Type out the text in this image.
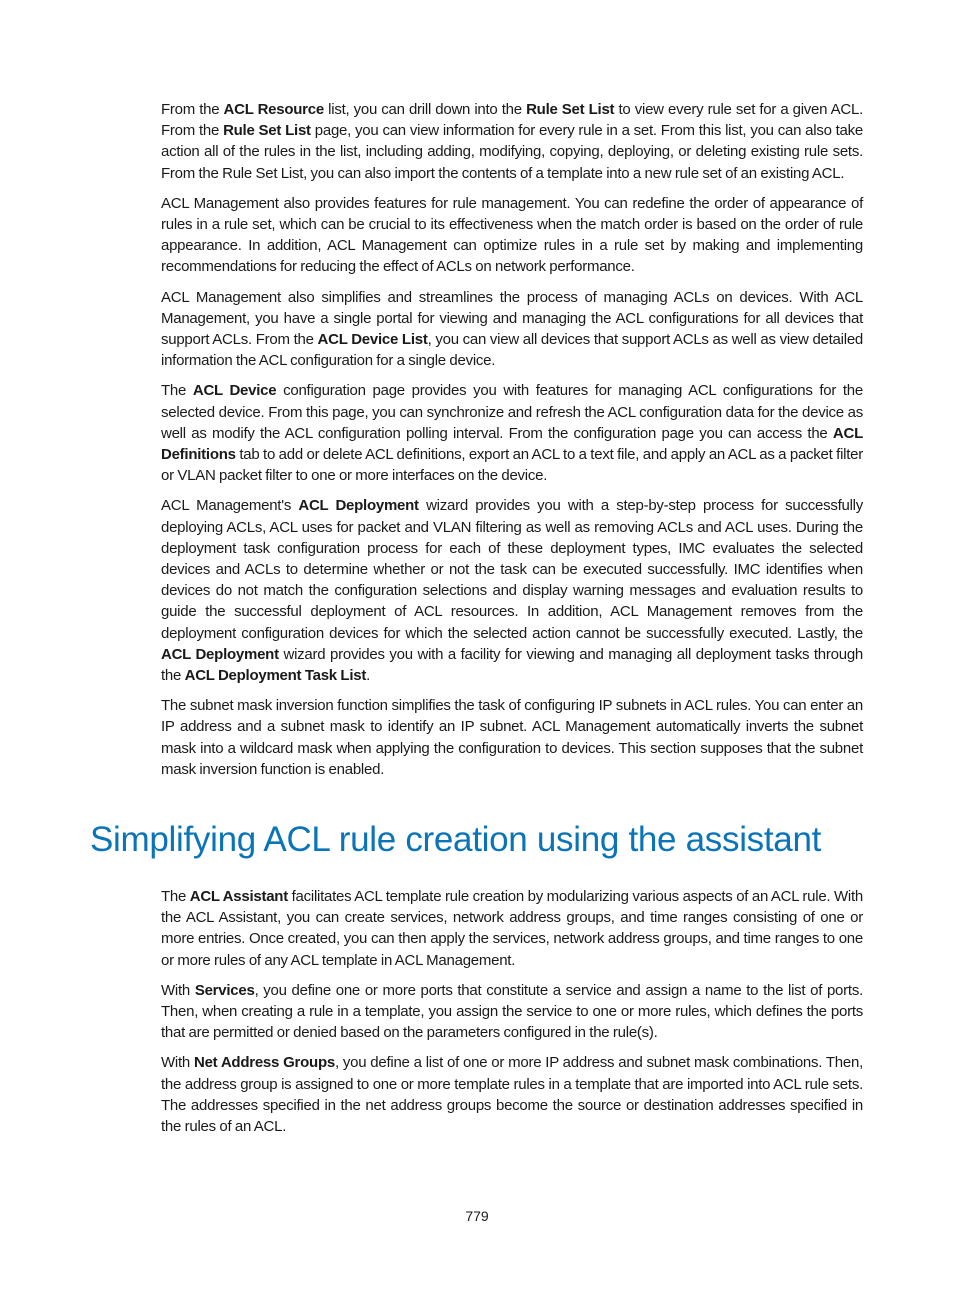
From the ACL Resource list, you can drill down into the Rule Set List to view every rule set for a given ACL. From the Rule Set List page, you can view information for every rule in a set. From this list, you can also take action all of the rules in the list, including adding, modifying, copying, deploying, or deleting existing rule sets. From the Rule Set List, you can also import the contents of a template into a new rule set of an existing ACL.

ACL Management also provides features for rule management. You can redefine the order of appearance of rules in a rule set, which can be crucial to its effectiveness when the match order is based on the order of rule appearance. In addition, ACL Management can optimize rules in a rule set by making and implementing recommendations for reducing the effect of ACLs on network performance.

ACL Management also simplifies and streamlines the process of managing ACLs on devices. With ACL Management, you have a single portal for viewing and managing the ACL configurations for all devices that support ACLs. From the ACL Device List, you can view all devices that support ACLs as well as view detailed information the ACL configuration for a single device.

The ACL Device configuration page provides you with features for managing ACL configurations for the selected device. From this page, you can synchronize and refresh the ACL configuration data for the device as well as modify the ACL configuration polling interval. From the configuration page you can access the ACL Definitions tab to add or delete ACL definitions, export an ACL to a text file, and apply an ACL as a packet filter or VLAN packet filter to one or more interfaces on the device.

ACL Management's ACL Deployment wizard provides you with a step-by-step process for successfully deploying ACLs, ACL uses for packet and VLAN filtering as well as removing ACLs and ACL uses. During the deployment task configuration process for each of these deployment types, IMC evaluates the selected devices and ACLs to determine whether or not the task can be executed successfully. IMC identifies when devices do not match the configuration selections and display warning messages and evaluation results to guide the successful deployment of ACL resources. In addition, ACL Management removes from the deployment configuration devices for which the selected action cannot be successfully executed. Lastly, the ACL Deployment wizard provides you with a facility for viewing and managing all deployment tasks through the ACL Deployment Task List.

The subnet mask inversion function simplifies the task of configuring IP subnets in ACL rules. You can enter an IP address and a subnet mask to identify an IP subnet. ACL Management automatically inverts the subnet mask into a wildcard mask when applying the configuration to devices. This section supposes that the subnet mask inversion function is enabled.

Simplifying ACL rule creation using the assistant

The ACL Assistant facilitates ACL template rule creation by modularizing various aspects of an ACL rule. With the ACL Assistant, you can create services, network address groups, and time ranges consisting of one or more entries. Once created, you can then apply the services, network address groups, and time ranges to one or more rules of any ACL template in ACL Management.

With Services, you define one or more ports that constitute a service and assign a name to the list of ports. Then, when creating a rule in a template, you assign the service to one or more rules, which defines the ports that are permitted or denied based on the parameters configured in the rule(s).

With Net Address Groups, you define a list of one or more IP address and subnet mask combinations. Then, the address group is assigned to one or more template rules in a template that are imported into ACL rule sets. The addresses specified in the net address groups become the source or destination addresses specified in the rules of an ACL.

779
